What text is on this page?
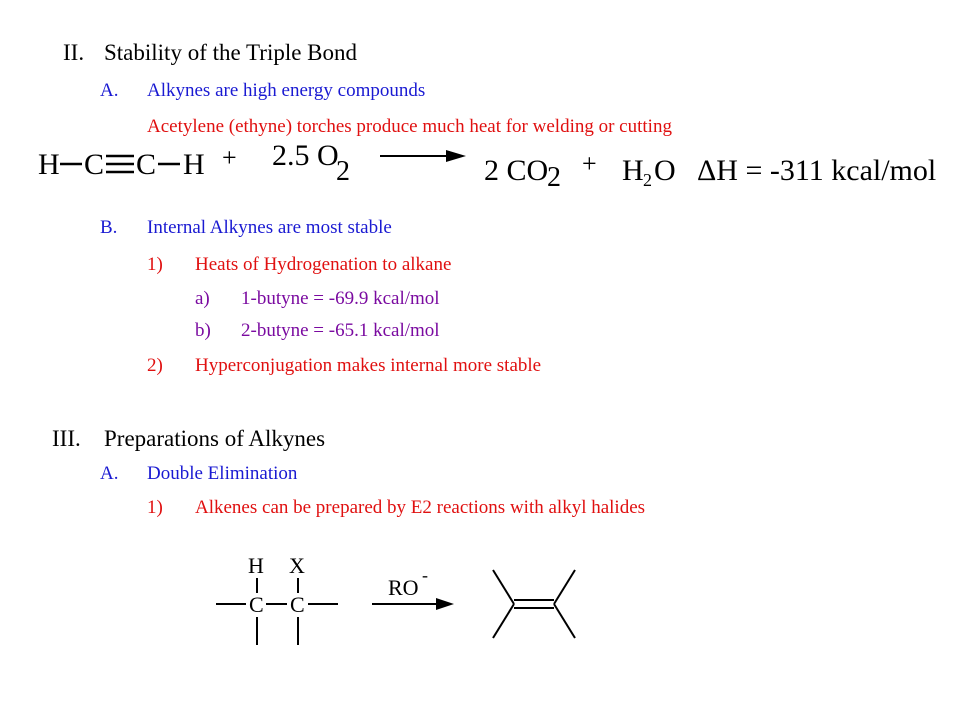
II. Stability of the Triple Bond
A. Alkynes are high energy compounds
Acetylene (ethyne) torches produce much heat for welding or cutting
H C C H + 2.5 O
2	2 CO
2 + H 2 O ΔH = -311 kcal/mol
B. Internal Alkynes are most stable
1) Heats of Hydrogenation to alkane
a) 1-butyne = -69.9 kcal/mol
b) 2-butyne = -65.1 kcal/mol
2) Hyperconjugation makes internal more stable
III. Preparations of Alkynes
A. Double Elimination
1) Alkenes can be prepared by E2 reactions with alkyl halides
H X
C C
RO -
